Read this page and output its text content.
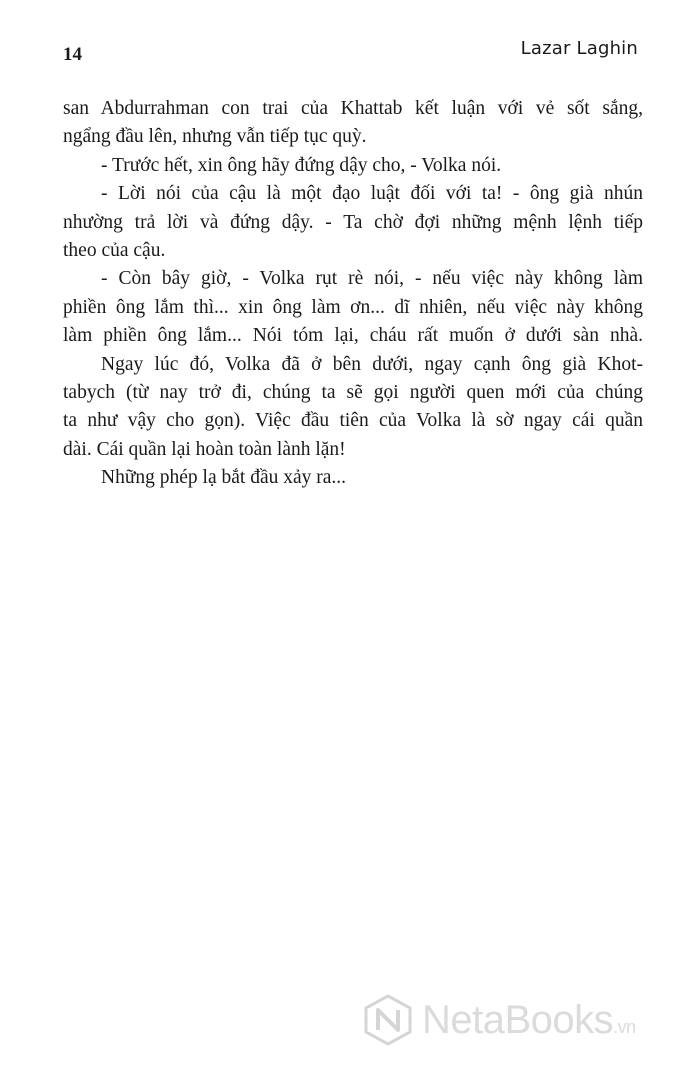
14	Lazar Laghin
san Abdurrahman con trai của Khattab kết luận với vẻ sốt sắng,
ngẩng đầu lên, nhưng vẫn tiếp tục quỳ.
- Trước hết, xin ông hãy đứng dậy cho, - Volka nói.
- Lời nói của cậu là một đạo luật đối với ta! - ông già nhún
nhường trả lời và đứng dậy. - Ta chờ đợi những mệnh lệnh tiếp
theo của cậu.
- Còn bây giờ, - Volka rụt rè nói, - nếu việc này không làm
phiền ông lắm thì... xin ông làm ơn... dĩ nhiên, nếu việc này không
làm phiền ông lắm... Nói tóm lại, cháu rất muốn ở dưới sàn nhà.
Ngay lúc đó, Volka đã ở bên dưới, ngay cạnh ông già Khot-
tabych (từ nay trở đi, chúng ta sẽ gọi người quen mới của chúng
ta như vậy cho gọn). Việc đầu tiên của Volka là sờ ngay cái quần
dài. Cái quần lại hoàn toàn lành lặn!
Những phép lạ bắt đầu xảy ra...
NetaBooks.vn
